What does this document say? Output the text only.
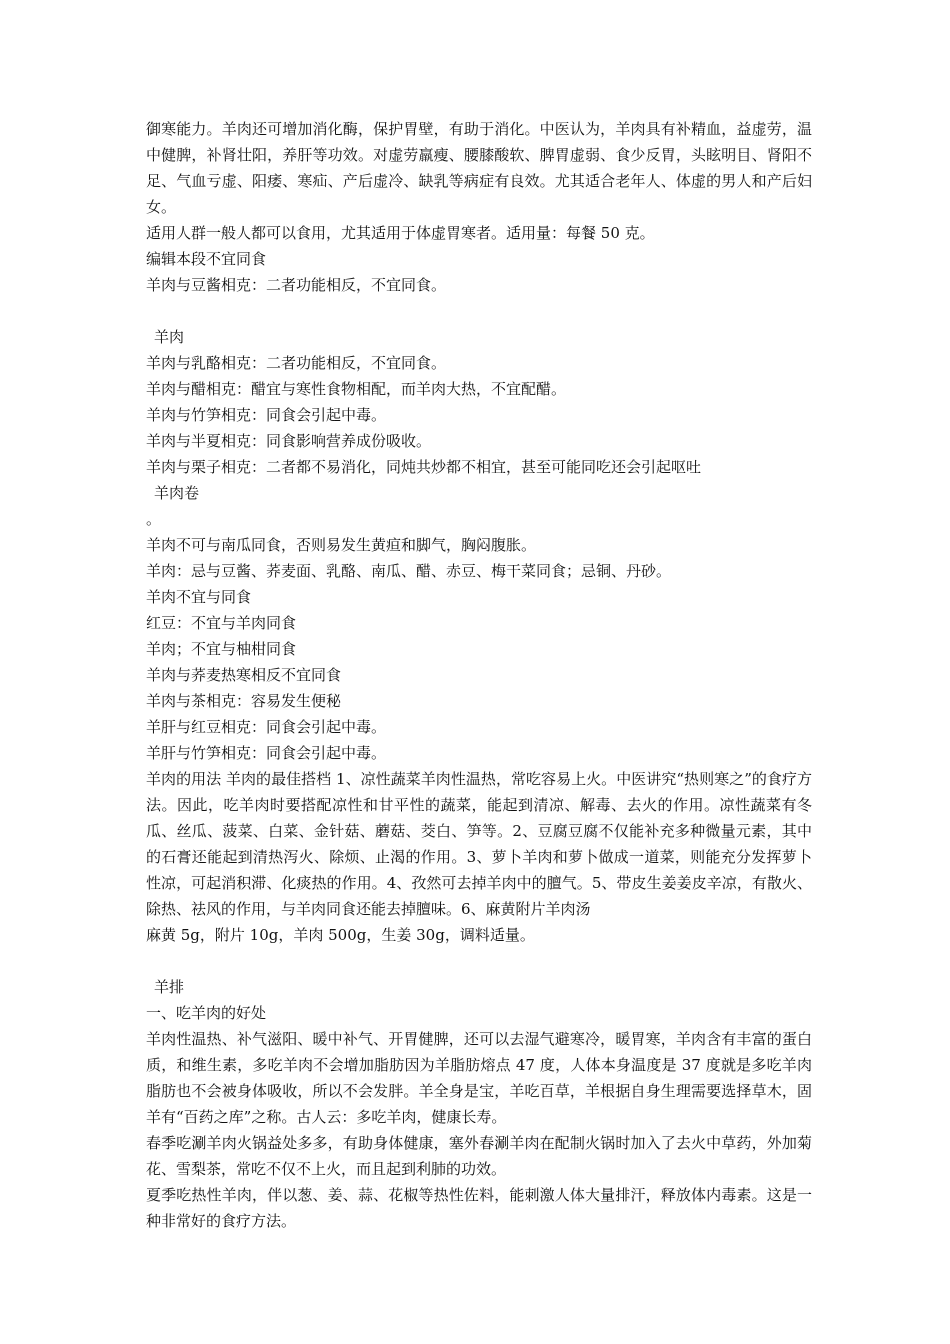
御寒能力。羊肉还可增加消化酶，保护胃壁，有助于消化。中医认为，羊肉具有补精血，益虚劳，温中健脾，补肾壮阳，养肝等功效。对虚劳羸瘦、腰膝酸软、脾胃虚弱、食少反胃，头眩明目、肾阳不足、气血亏虚、阳痿、寒疝、产后虚冷、缺乳等病症有良效。尤其适合老年人、体虚的男人和产后妇女。
适用人群一般人都可以食用，尤其适用于体虚胃寒者。适用量：每餐 50 克。
编辑本段不宜同食
羊肉与豆酱相克：二者功能相反，不宜同食。
羊肉
羊肉与乳酪相克：二者功能相反，不宜同食。
羊肉与醋相克：醋宜与寒性食物相配，而羊肉大热，不宜配醋。
羊肉与竹笋相克：同食会引起中毒。
羊肉与半夏相克：同食影响营养成份吸收。
羊肉与栗子相克：二者都不易消化，同炖共炒都不相宜，甚至可能同吃还会引起呕吐
羊肉卷
。
羊肉不可与南瓜同食，否则易发生黄疸和脚气，胸闷腹胀。
羊肉：忌与豆酱、荞麦面、乳酪、南瓜、醋、赤豆、梅干菜同食；忌铜、丹砂。
羊肉不宜与同食
红豆：不宜与羊肉同食
羊肉；不宜与柚柑同食
羊肉与荞麦热寒相反不宜同食
羊肉与茶相克：容易发生便秘
羊肝与红豆相克：同食会引起中毒。
羊肝与竹笋相克：同食会引起中毒。
羊肉的用法 羊肉的最佳搭档 1、凉性蔬菜羊肉性温热，常吃容易上火。中医讲究“热则寒之”的食疗方法。因此，吃羊肉时要搭配凉性和甘平性的蔬菜，能起到清凉、解毒、去火的作用。凉性蔬菜有冬瓜、丝瓜、菠菜、白菜、金针菇、蘑菇、茭白、笋等。2、豆腐豆腐不仅能补充多种微量元素，其中的石膏还能起到清热泻火、除烦、止渴的作用。3、萝卜羊肉和萝卜做成一道菜，则能充分发挥萝卜性凉，可起消积滞、化痰热的作用。4、孜然可去掉羊肉中的膻气。5、带皮生姜姜皮辛凉，有散火、除热、祛风的作用，与羊肉同食还能去掉膻味。6、麻黄附片羊肉汤
麻黄 5g，附片 10g，羊肉 500g，生姜 30g，调料适量。
羊排
一、吃羊肉的好处
羊肉性温热、补气滋阳、暖中补气、开胃健脾，还可以去湿气避寒冷，暖胃寒，羊肉含有丰富的蛋白质，和维生素，多吃羊肉不会增加脂肪因为羊脂肪熔点 47 度，人体本身温度是 37 度就是多吃羊肉脂肪也不会被身体吸收，所以不会发胖。羊全身是宝，羊吃百草，羊根据自身生理需要选择草木，固羊有“百药之库”之称。古人云：多吃羊肉，健康长寿。
春季吃涮羊肉火锅益处多多，有助身体健康，塞外春涮羊肉在配制火锅时加入了去火中草药，外加菊花、雪梨茶，常吃不仅不上火，而且起到利肺的功效。
夏季吃热性羊肉，伴以葱、姜、蒜、花椒等热性佐料，能刺激人体大量排汗，释放体内毒素。这是一种非常好的食疗方法。
